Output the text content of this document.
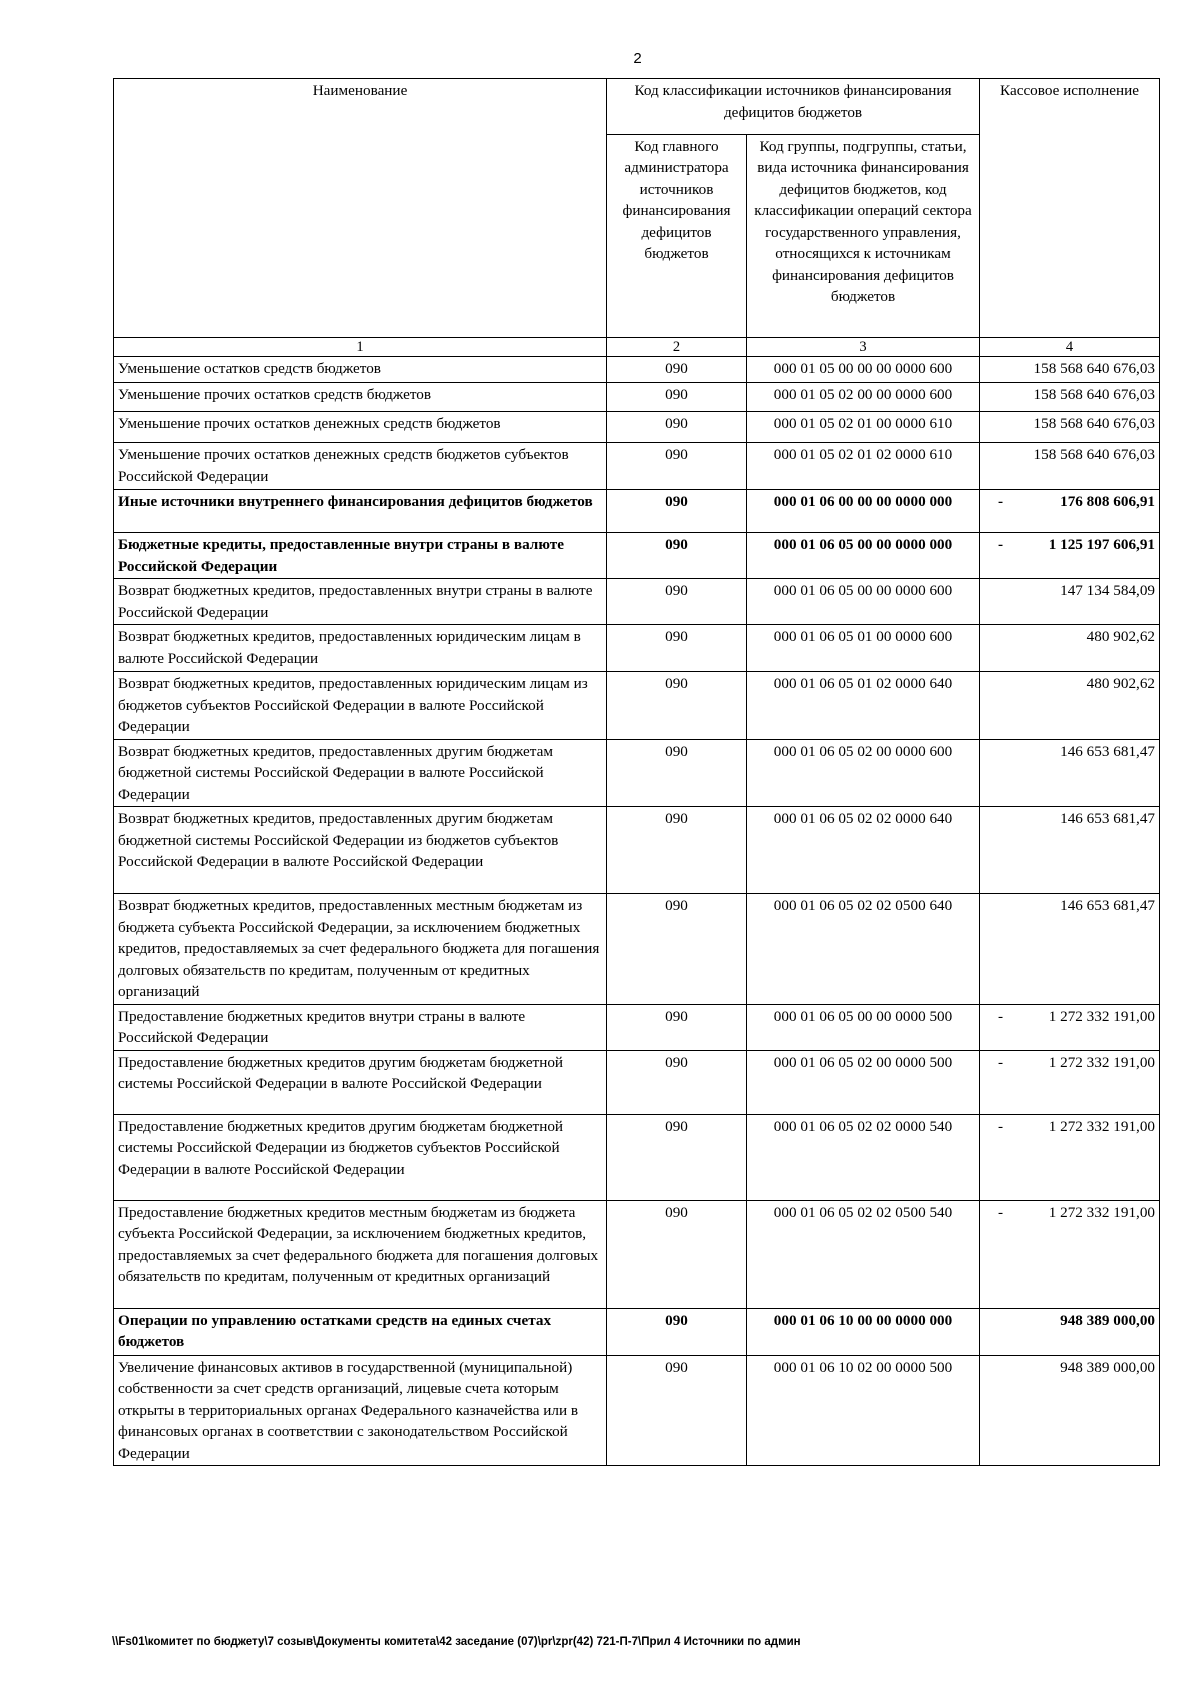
2
Наименование	Код классификации источников финансирования дефицитов бюджетов		Кассовое исполнение
	Код главного администратора источников финансирования дефицитов бюджетов	Код группы, подгруппы, статьи, вида источника финансирования дефицитов бюджетов, код классификации операций сектора государственного управления, относящихся к источникам финансирования дефицитов бюджетов	
1	2	3	4
Уменьшение остатков средств бюджетов	090	000 01 05 00 00 00 0000 600	158 568 640 676,03
Уменьшение прочих остатков средств бюджетов	090	000 01 05 02 00 00 0000 600	158 568 640 676,03
Уменьшение прочих остатков денежных средств бюджетов	090	000 01 05 02 01 00 0000 610	158 568 640 676,03
Уменьшение прочих остатков денежных средств бюджетов субъектов Российской Федерации	090	000 01 05 02 01 02 0000 610	158 568 640 676,03
Иные источники внутреннего финансирования дефицитов бюджетов	090	000 01 06 00 00 00 0000 000	- 176 808 606,91
Бюджетные кредиты, предоставленные внутри страны в валюте Российской Федерации	090	000 01 06 05 00 00 0000 000	- 1 125 197 606,91
Возврат бюджетных кредитов, предоставленных внутри страны в валюте Российской Федерации	090	000 01 06 05 00 00 0000 600	147 134 584,09
Возврат бюджетных кредитов, предоставленных юридическим лицам в валюте Российской Федерации	090	000 01 06 05 01 00 0000 600	480 902,62
Возврат бюджетных кредитов, предоставленных юридическим лицам из бюджетов субъектов Российской Федерации в валюте Российской Федерации	090	000 01 06 05 01 02 0000 640	480 902,62
Возврат бюджетных кредитов, предоставленных другим бюджетам бюджетной системы Российской Федерации в валюте Российской Федерации	090	000 01 06 05 02 00 0000 600	146 653 681,47
Возврат бюджетных кредитов, предоставленных другим бюджетам бюджетной системы Российской Федерации из бюджетов субъектов Российской Федерации в валюте Российской Федерации	090	000 01 06 05 02 02 0000 640	146 653 681,47
Возврат бюджетных кредитов, предоставленных местным бюджетам из бюджета субъекта Российской Федерации, за исключением бюджетных кредитов, предоставляемых за счет федерального бюджета для погашения долговых обязательств по кредитам, полученным от кредитных организаций	090	000 01 06 05 02 02 0500 640	146 653 681,47
Предоставление бюджетных кредитов внутри страны в валюте Российской Федерации	090	000 01 06 05 00 00 0000 500	- 1 272 332 191,00
Предоставление бюджетных кредитов другим бюджетам бюджетной системы Российской Федерации в валюте Российской Федерации	090	000 01 06 05 02 00 0000 500	- 1 272 332 191,00
Предоставление бюджетных кредитов другим бюджетам бюджетной системы Российской Федерации из бюджетов субъектов Российской Федерации в валюте Российской Федерации	090	000 01 06 05 02 02 0000 540	- 1 272 332 191,00
Предоставление бюджетных кредитов местным бюджетам из бюджета субъекта Российской Федерации, за исключением бюджетных кредитов, предоставляемых за счет федерального бюджета для погашения долговых обязательств по кредитам, полученным от кредитных организаций	090	000 01 06 05 02 02 0500 540	- 1 272 332 191,00
Операции по управлению остатками средств на единых счетах бюджетов	090	000 01 06 10 00 00 0000 000	948 389 000,00
Увеличение финансовых активов в государственной (муниципальной) собственности за счет средств организаций, лицевые счета которым открыты в территориальных органах Федерального казначейства или в финансовых органах в соответствии с законодательством Российской Федерации	090	000 01 06 10 02 00 0000 500	948 389 000,00
\\Fs01\комитет по бюджету\7 созыв\Документы комитета\42 заседание (07)\pr\zpr(42) 721-П-7\Прил 4 Источники по админ
